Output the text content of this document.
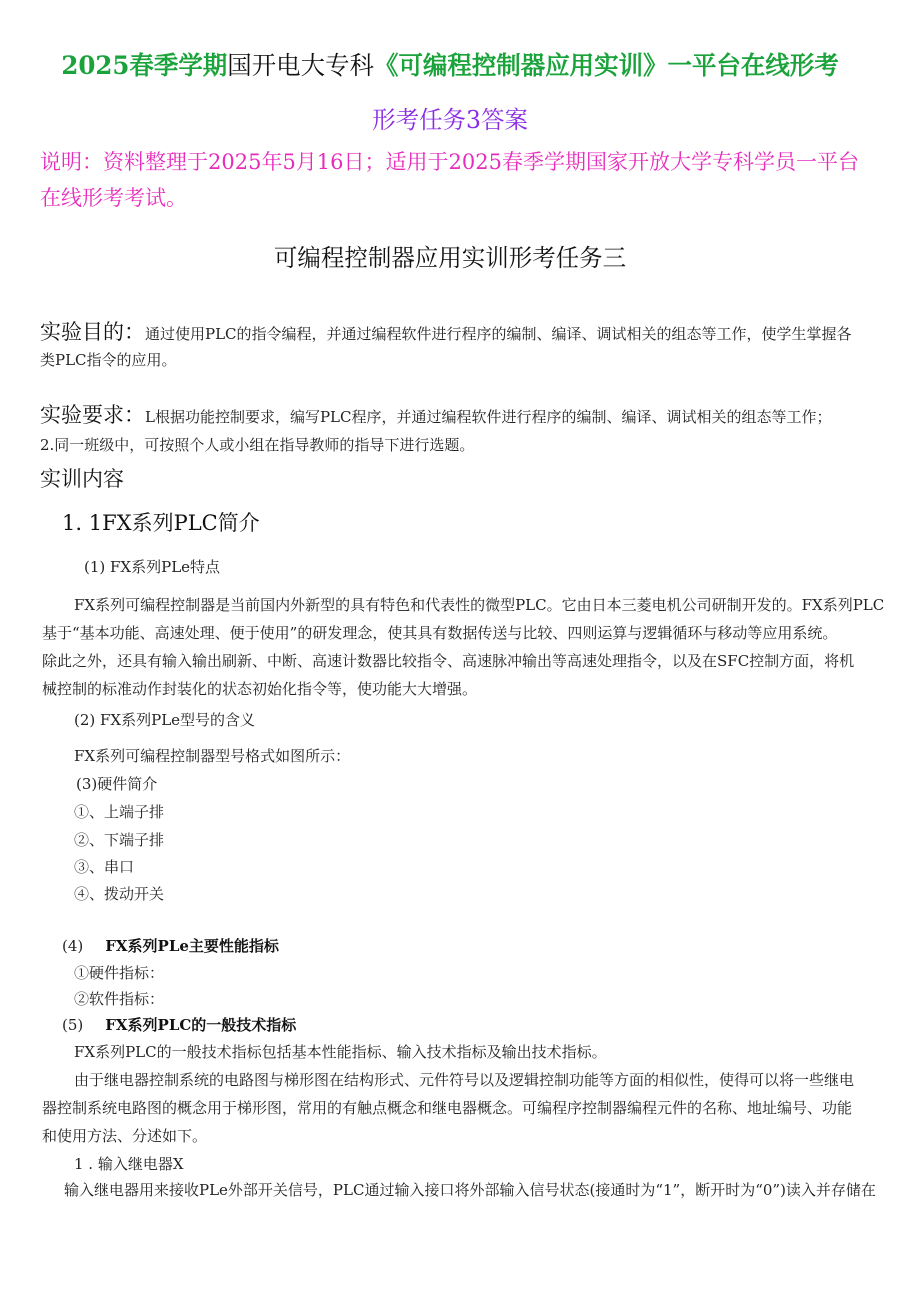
2025春季学期国开电大专科《可编程控制器应用实训》一平台在线形考
形考任务3答案
说明：资料整理于2025年5月16日；适用于2025春季学期国家开放大学专科学员一平台
在线形考考试。
可编程控制器应用实训形考任务三
实验目的：通过使用PLC的指令编程，并通过编程软件进行程序的编制、编译、调试相关的组态等工作，使学生掌握各
类PLC指令的应用。
实验要求：L根据功能控制要求，编写PLC程序，并通过编程软件进行程序的编制、编译、调试相关的组态等工作；
2.同一班级中，可按照个人或小组在指导教师的指导下进行选题。
实训内容
1. 1FX系列PLC简介
(1) FX系列PLe特点
FX系列可编程控制器是当前国内外新型的具有特色和代表性的微型PLC。它由日本三菱电机公司研制开发的。FX系列PLC
基于“基本功能、高速处理、便于使用”的研发理念，使其具有数据传送与比较、四则运算与逻辑循环与移动等应用系统。
除此之外，还具有输入输出刷新、中断、高速计数器比较指令、高速脉冲输出等高速处理指令，以及在SFC控制方面，将机
械控制的标准动作封装化的状态初始化指令等，使功能大大增强。
(2) FX系列PLe型号的含义
FX系列可编程控制器型号格式如图所示：
(3)硬件简介
①、上端子排
②、下端子排
③、串口
④、拨动开关
(4) FX系列PLe主要性能指标
①硬件指标：
②软件指标：
(5) FX系列PLC的一般技术指标
FX系列PLC的一般技术指标包括基本性能指标、输入技术指标及输出技术指标。
由于继电器控制系统的电路图与梯形图在结构形式、元件符号以及逻辑控制功能等方面的相似性，使得可以将一些继电
器控制系统电路图的概念用于梯形图，常用的有触点概念和继电器概念。可编程序控制器编程元件的名称、地址编号、功能
和使用方法、分述如下。
1 . 输入继电器X
输入继电器用来接收PLe外部开关信号，PLC通过输入接口将外部输入信号状态(接通时为“1”，断开时为“0”)读入并存储在
